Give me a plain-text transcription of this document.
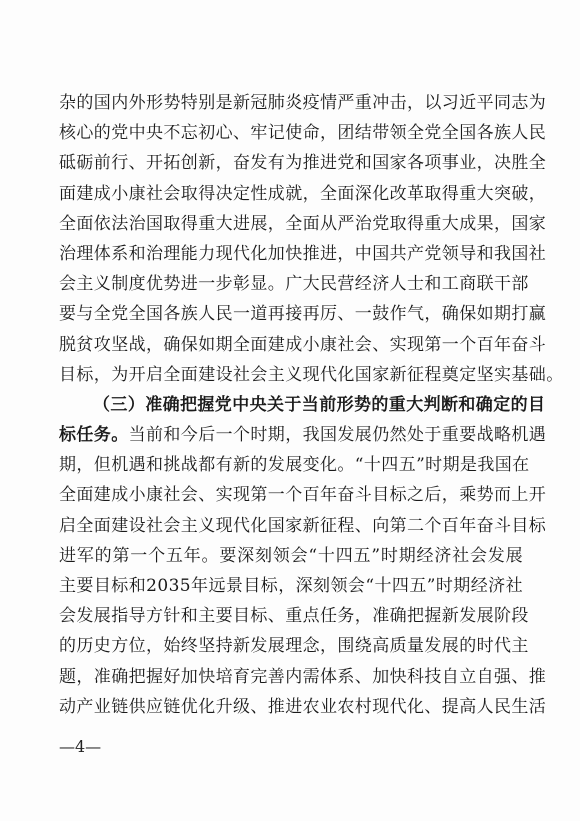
杂的国内外形势特别是新冠肺炎疫情严重冲击，以习近平同志为
核心的党中央不忘初心、牢记使命，团结带领全党全国各族人民
砥砺前行、开拓创新，奋发有为推进党和国家各项事业，决胜全
面建成小康社会取得决定性成就，全面深化改革取得重大突破，
全面依法治国取得重大进展，全面从严治党取得重大成果，国家
治理体系和治理能力现代化加快推进，中国共产党领导和我国社
会主义制度优势进一步彰显。广大民营经济人士和工商联干部
要与全党全国各族人民一道再接再厉、一鼓作气，确保如期打赢
脱贫攻坚战，确保如期全面建成小康社会、实现第一个百年奋斗
目标，为开启全面建设社会主义现代化国家新征程奠定坚实基础。
（三）准确把握党中央关于当前形势的重大判断和确定的目
标任务。当前和今后一个时期，我国发展仍然处于重要战略机遇
期，但机遇和挑战都有新的发展变化。“十四五”时期是我国在
全面建成小康社会、实现第一个百年奋斗目标之后，乘势而上开
启全面建设社会主义现代化国家新征程、向第二个百年奋斗目标
进军的第一个五年。要深刻领会“十四五”时期经济社会发展
主要目标和2035年远景目标，深刻领会“十四五”时期经济社
会发展指导方针和主要目标、重点任务，准确把握新发展阶段
的历史方位，始终坚持新发展理念，围绕高质量发展的时代主
题，准确把握好加快培育完善内需体系、加快科技自立自强、推
动产业链供应链优化升级、推进农业农村现代化、提高人民生活
—4—
